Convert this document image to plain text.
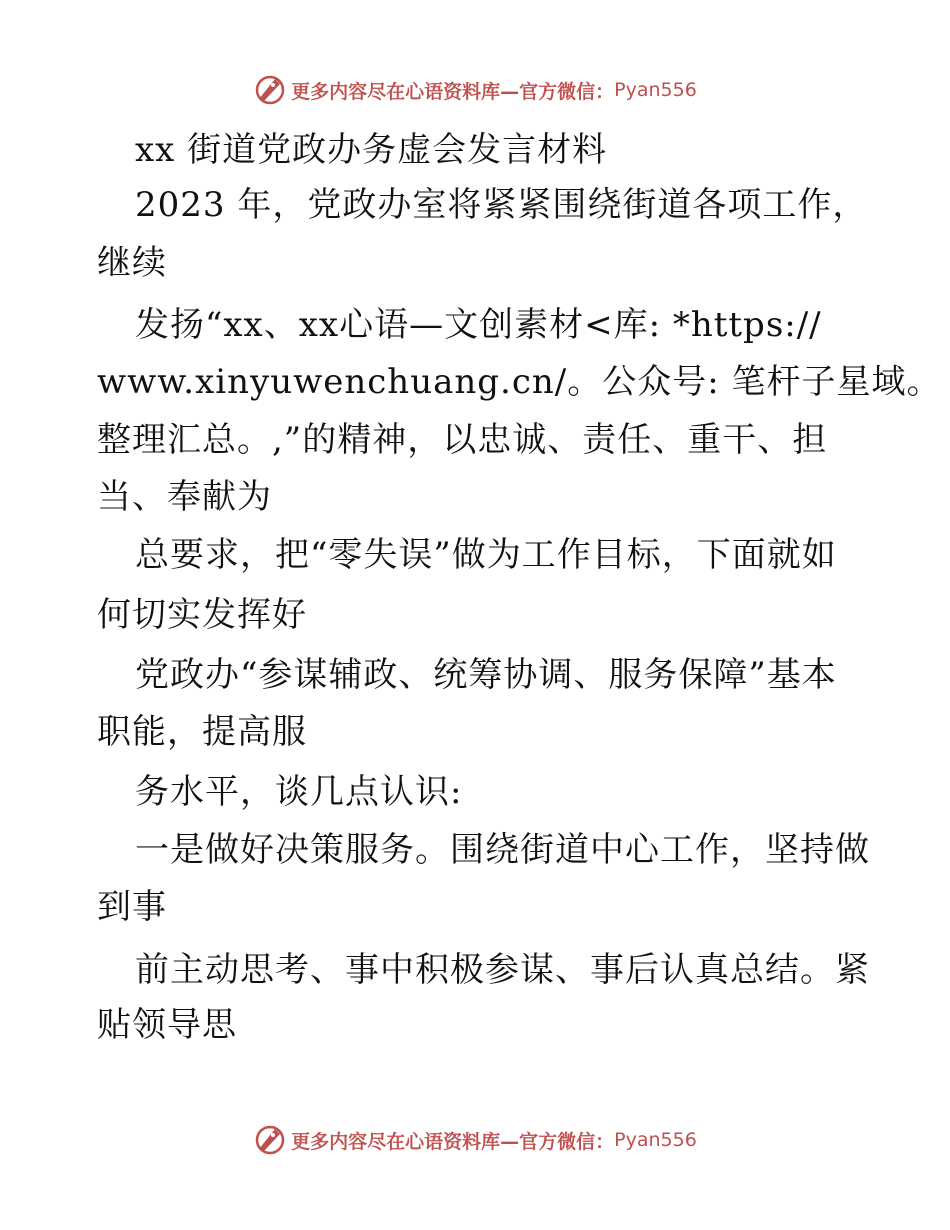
更多内容尽在心语资料库—官方微信： Pyan556
xx 街道党政办务虚会发言材料
2023 年，党政办室将紧紧围绕街道各项工作，
继续
发扬“xx、xx心语—文创素材<库: *https://
www.xinyuwenchuang.cn/。公众号: 笔杆子星域。
整理汇总。,”的精神，以忠诚、责任、重干、担
当、奉献为
总要求，把“零失误”做为工作目标，下面就如
何切实发挥好
党政办“参谋辅政、统筹协调、服务保障”基本
职能，提高服
务水平，谈几点认识:
一是做好决策服务。围绕街道中心工作，坚持做
到事
前主动思考、事中积极参谋、事后认真总结。紧
贴领导思
更多内容尽在心语资料库—官方微信： Pyan556
